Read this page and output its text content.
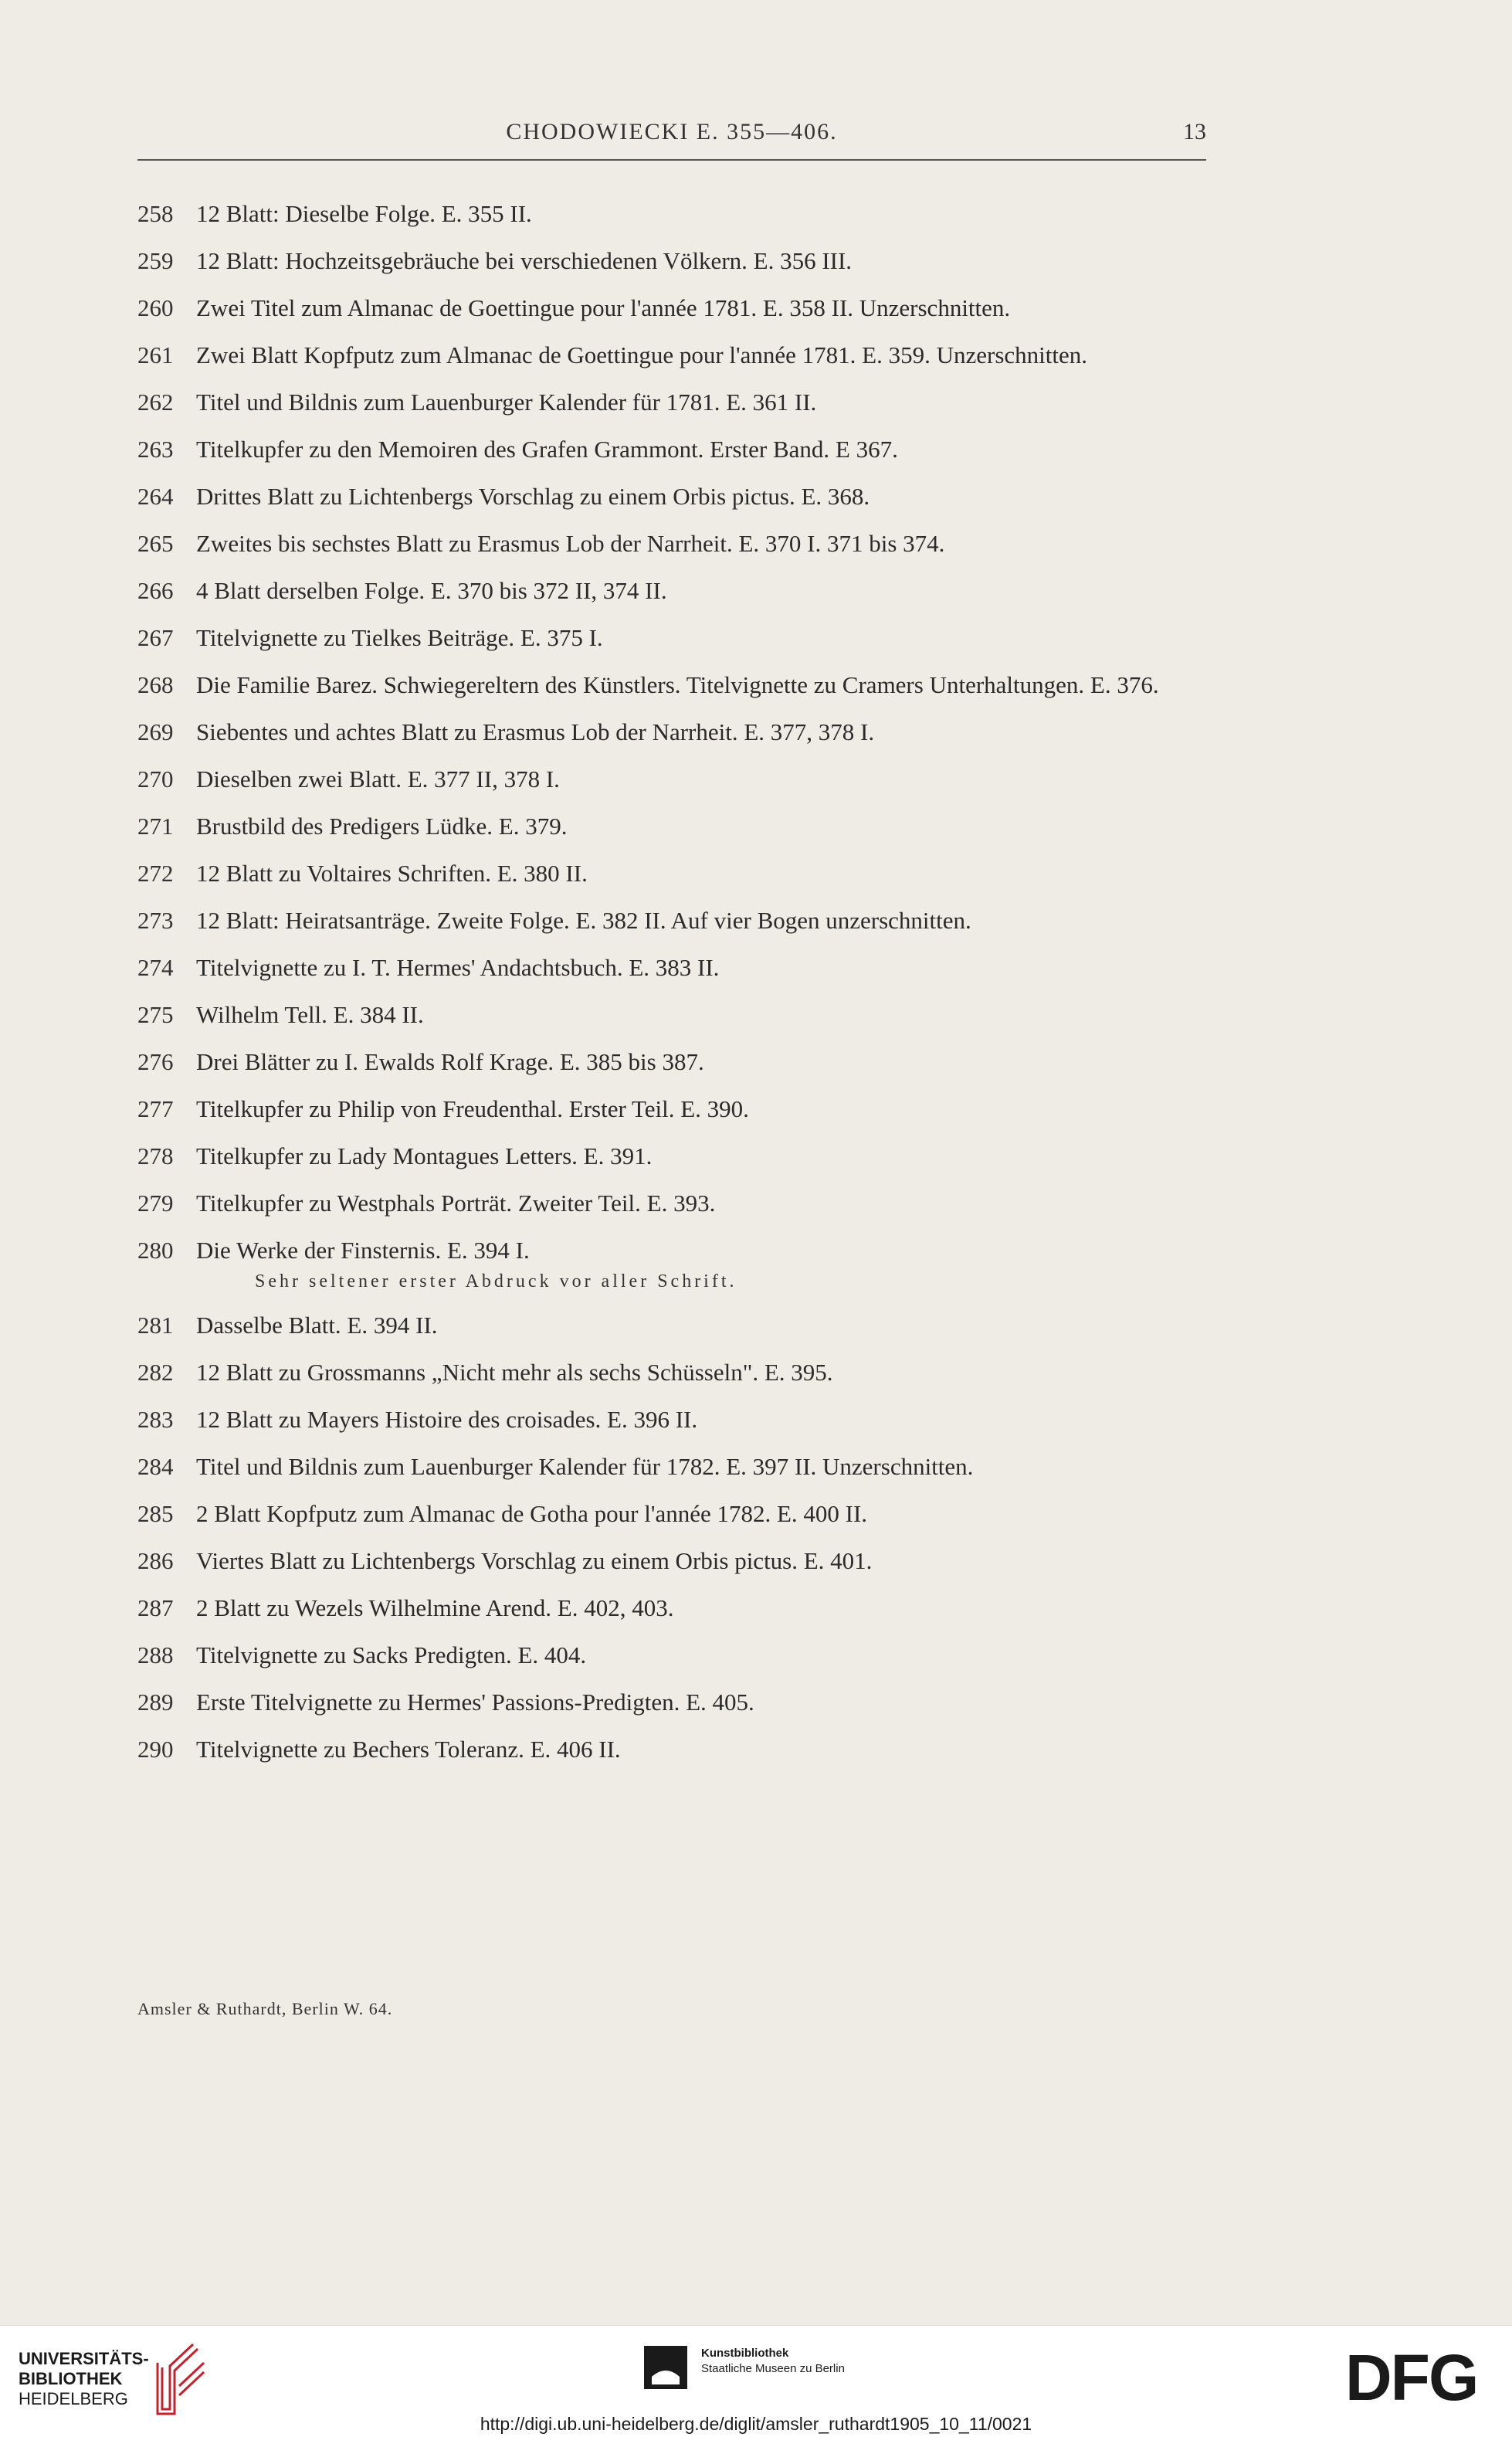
CHODOWIECKI E. 355—406.	13
258 12 Blatt: Dieselbe Folge. E. 355 II.
259 12 Blatt: Hochzeitsgebräuche bei verschiedenen Völkern. E. 356 III.
260 Zwei Titel zum Almanac de Goettingue pour l'année 1781. E. 358 II. Unzerschnitten.
261 Zwei Blatt Kopfputz zum Almanac de Goettingue pour l'année 1781. E. 359. Unzerschnitten.
262 Titel und Bildnis zum Lauenburger Kalender für 1781. E. 361 II.
263 Titelkupfer zu den Memoiren des Grafen Grammont. Erster Band. E 367.
264 Drittes Blatt zu Lichtenbergs Vorschlag zu einem Orbis pictus. E. 368.
265 Zweites bis sechstes Blatt zu Erasmus Lob der Narrheit. E. 370 I. 371 bis 374.
266 4 Blatt derselben Folge. E. 370 bis 372 II, 374 II.
267 Titelvignette zu Tielkes Beiträge. E. 375 I.
268 Die Familie Barez. Schwiegereltern des Künstlers. Titelvignette zu Cramers Unterhaltungen. E. 376.
269 Siebentes und achtes Blatt zu Erasmus Lob der Narrheit. E. 377, 378 I.
270 Dieselben zwei Blatt. E. 377 II, 378 I.
271 Brustbild des Predigers Lüdke. E. 379.
272 12 Blatt zu Voltaires Schriften. E. 380 II.
273 12 Blatt: Heiratsanträge. Zweite Folge. E. 382 II. Auf vier Bogen unzerschnitten.
274 Titelvignette zu I. T. Hermes' Andachtsbuch. E. 383 II.
275 Wilhelm Tell. E. 384 II.
276 Drei Blätter zu I. Ewalds Rolf Krage. E. 385 bis 387.
277 Titelkupfer zu Philip von Freudenthal. Erster Teil. E. 390.
278 Titelkupfer zu Lady Montagues Letters. E. 391.
279 Titelkupfer zu Westphals Porträt. Zweiter Teil. E. 393.
280 Die Werke der Finsternis. E. 394 I.
Sehr seltener erster Abdruck vor aller Schrift.
281 Dasselbe Blatt. E. 394 II.
282 12 Blatt zu Grossmanns „Nicht mehr als sechs Schüsseln". E. 395.
283 12 Blatt zu Mayers Histoire des croisades. E. 396 II.
284 Titel und Bildnis zum Lauenburger Kalender für 1782. E. 397 II. Unzerschnitten.
285 2 Blatt Kopfputz zum Almanac de Gotha pour l'année 1782. E. 400 II.
286 Viertes Blatt zu Lichtenbergs Vorschlag zu einem Orbis pictus. E. 401.
287 2 Blatt zu Wezels Wilhelmine Arend. E. 402, 403.
288 Titelvignette zu Sacks Predigten. E. 404.
289 Erste Titelvignette zu Hermes' Passions-Predigten. E. 405.
290 Titelvignette zu Bechers Toleranz. E. 406 II.
Amsler & Ruthardt, Berlin W. 64.
UNIVERSITÄTS-
BIBLIOTHEK
HEIDELBERG
Kunstbibliothek
Staatliche Museen zu Berlin	DFG
http://digi.ub.uni-heidelberg.de/diglit/amsler_ruthardt1905_10_11/0021
